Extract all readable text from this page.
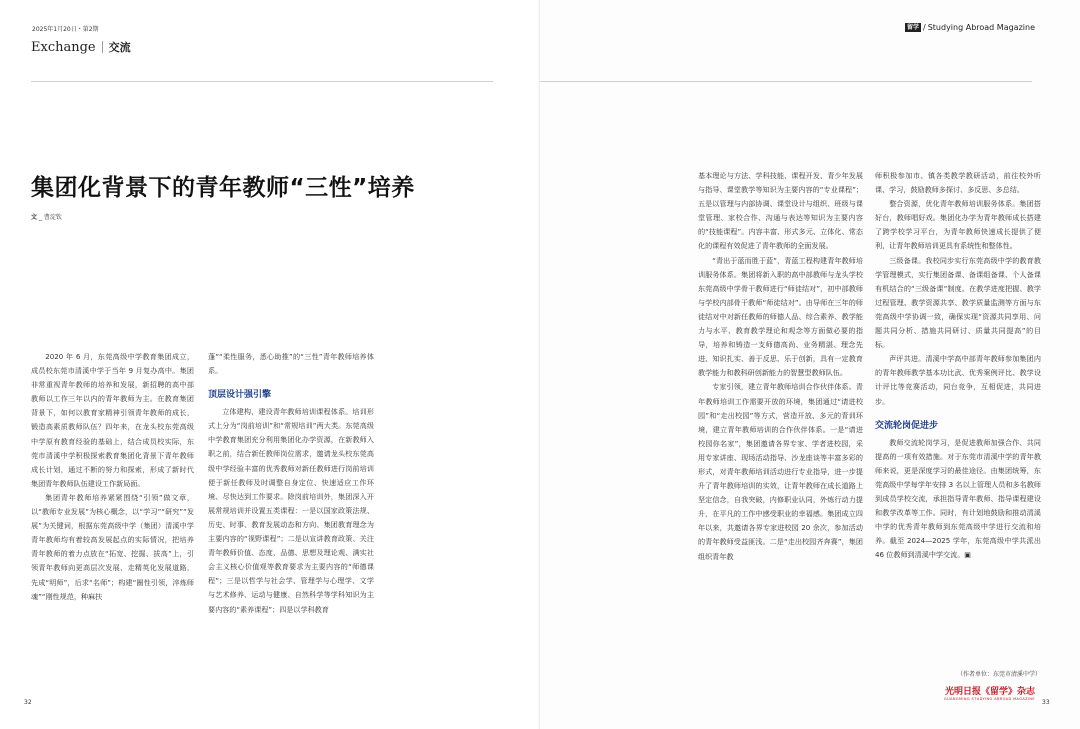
2025年1月20日・第2期
Exchange 交流
集团化背景下的青年教师“三性”培养
文 _ 曹淀钦

2020 年 6 月，东莞高级中学教育集团成立，成员校东莞市清溪中学于当年 9 月复办高中。集团非常重视青年教师的培养和发展，新招聘的高中部教师以工作三年以内的青年教师为主。在教育集团背景下，如何以教育家精神引领青年教师的成长，锻造高素质教师队伍？四年来，在龙头校东莞高级中学原有教育经验的基础上，结合成员校实际，东莞市清溪中学积极探索教育集团化背景下青年教师成长计划，通过不断的努力和探索，形成了新时代集团青年教师队伍建设工作新局面。

集团青年教师培养紧紧围绕“引领”做文章，以“教师专业发展”为核心概念，以“学习”“研究”“发展”为关键词，根据东莞高级中学（集团）清溪中学青年教师均有着较高发展起点的实际情况，把培养青年教师的着力点放在“拓宽、挖掘、拔高”上，引领青年教师向更高层次发展、走精英化发展道路，先成“明师”，后求“名师”；构建“圈性引领，淬炼师魂”“刚性规范，种麻扶

蓬”“柔性服务，悉心助推”的“三性”青年教师培养体系。

顶层设计强引擎

立体建构，建设青年教师培训课程体系。培训形式上分为“岗前培训”和“常规培训”两大类。东莞高级中学教育集团充分利用集团化办学资源，在新教师入职之前，结合新任教师岗位需求，邀请龙头校东莞高级中学经验丰富的优秀教师对新任教师进行岗前培训便于新任教师及时调整自身定位、快速适应工作环境、尽快达到工作要求。除岗前培训外，集团深入开展常规培训并设置五类课程：一是以国家政策法规、历史、时事、教育发展动态和方向、集团教育理念为主要内容的“视野课程”；二是以宣讲教育政策、关注青年教师价值、态度、品德、思想及理论观、满实社会主义核心价值观等教育要求为主要内容的“师德课程”；三是以哲学与社会学、管理学与心理学、文学与艺术修养、运动与健康、自然科学等学科知识为主要内容的“素养课程”；四是以学科教育

32
留学 / Studying Abroad Magazine

基本理论与方法、学科技能、课程开发、青少年发展与指导、课堂教学等知识为主要内容的“专业课程”；五是以管理与内部协调、课堂设计与组织、班级与课堂管理、家校合作、沟通与表达等知识为主要内容的“技能课程”。内容丰富、形式多元、立体化、常态化的课程有效促进了青年教师的全面发展。

“青出于蓝而胜于蓝”，青蓝工程构建青年教师培训服务体系。集团将新入职的高中部教师与龙头学校东莞高级中学骨干教师进行“师徒结对”，初中部教师与学校内部骨干教师“师徒结对”。由导师在三年的师徒结对中对新任教师的师德人品、综合素养、教学能力与水平、教育教学理论和观念等方面做必要的指导，培养和铸造一支师德高尚、业务精湛、理念先进、知识扎实、善于反思、乐于创新，具有一定教育教学能力和教科研创新能力的智慧型教师队伍。

专家引领，建立青年教师培训合作伙伴体系。青年教师培训工作需要开放的环境，集团通过“请进校园”和“走出校园”等方式，营造开放、多元的青训环境，建立青年教师培训的合作伙伴体系。一是“请进校园你名家”，集团邀请各界专家、学者进校园，采用专家讲座、现场活动指导、沙龙座谈等丰富多彩的形式，对青年教师培训活动进行专业指导，进一步提升了青年教师培训的实效，让青年教师在成长道路上坚定信念，自我突破，内修职业认同，外炼行动力提升，在平凡的工作中感受职业的幸福感。集团成立四年以来，共邀请各界专家进校园 20 余次，参加活动的青年教师受益匪浅。二是“走出校园齐奔赛”，集团组织青年教

师积极参加市、镇各类教学教研活动，前往校外听课、学习，鼓励教师多探讨、多反思、多总结。

整合资源，优化青年教师培训服务体系。集团搭好台，教师唱好戏。集团化办学为青年教师成长搭建了跨学校学习平台，为青年教师快速成长提供了便利，让青年教师培训更具有系统性和整体性。

三级备课。我校同步实行东莞高级中学的教育教学管理模式，实行集团备课、备课组备课、个人备课有机结合的“三级备课”制度。在教学进度把握、教学过程管理、教学资源共享、教学质量监测等方面与东莞高级中学协调一致，确保实现“资源共同享用、问题共同分析、措施共同研讨、质量共同提高”的目标。

声评共进。清溪中学高中部青年教师参加集团内的青年教师教学基本功比武、优秀案例评比、教学设计评比等竞赛活动，同台竞争，互相促进，共同进步。

交流轮岗促进步

教师交流轮岗学习，是促进教师加强合作、共同提高的一项有效措施。对于东莞市清溪中学的青年教师来说，更是深度学习的最佳途径。由集团统筹，东莞高级中学每学年安排 3 名以上管理人员和多名教师到成员学校交流，承担指导青年教师、指导课程建设和教学改革等工作。同时，有计划地鼓励和推动清溪中学的优秀青年教师到东莞高级中学进行交流和培养。截至 2024—2025 学年，东莞高级中学共派出 46 位教师到清溪中学交流。▣

（作者单位：东莞市清溪中学）
光明日报《留学》杂志
GUANGMING STUDYING ABROAD MAGAZINE 33
